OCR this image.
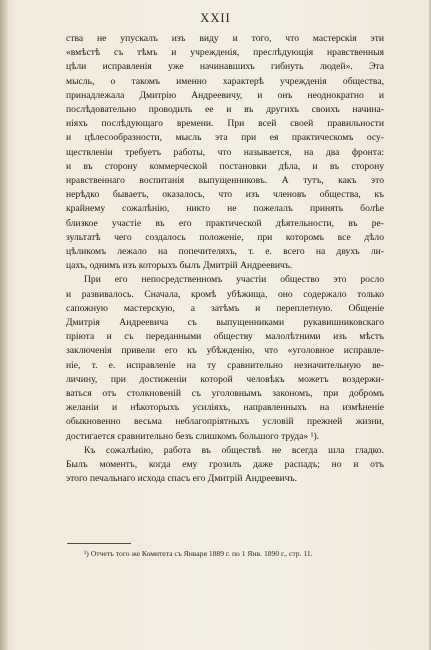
XXII
ства не упускалъ изъ виду и того, что мастерскія эти
«вмѣстѣ съ тѣмъ и учрежденія, преслѣдующія нравственныя
цѣли исправленія уже начинавшихъ гибнуть людей». Эта
мысль, о такомъ именно характерѣ учрежденія общества,
принадлежала Дмитрію Андреевичу, и онъ неоднократно и
послѣдовательно проводилъ ее и въ другихъ своихъ начина-
ніяхъ послѣдующаго времени. При всей своей правильности
и цѣлесообразности, мысль эта при ея практическомъ осу-
ществленіи требуетъ работы, что называется, на два фронта:
и въ сторону коммерческой постановки дѣла, и въ сторону
нравственнаго воспитанія выпущенниковъ. А тутъ, какъ это
нерѣдко бываетъ, оказалось, что изъ членовъ общества, къ
крайнему сожалѣнію, никто не пожелалъ принять болѣе
близкое участіе въ его практической дѣятельности, въ ре-
зультатѣ чего создалось положеніе, при которомъ все дѣло
цѣликомъ лежало на попечителяхъ, т. е. всего на двухъ ли-
цахъ, однимъ изъ которыхъ былъ Дмитрій Андреевичъ.
При его непосредственномъ участіи общество это росло
и развивалось. Сначала, кромѣ убѣжища, оно содержало только
сапожную мастерскую, а затѣмъ и переплетную. Общеніе
Дмитрія Андреевича съ выпущенниками рукавишниковскаго
пріюта и съ переданными обществу малолѣтними изъ мѣстъ
заключенія привели его къ убѣжденію, что «уголовное исправле-
ніе, т. е. исправленіе на ту сравнительно незначительную ве-
личину, при достиженіи которой человѣкъ можетъ воздержи-
ваться отъ столкновеній съ уголовнымъ закономъ, при добромъ
желаніи и нѣкоторыхъ усиліяхъ, направленныхъ на измѣненіе
обыкновенно весьма неблагопріятныхъ условій прежней жизни,
достигается сравнительно безъ слишкомъ большого труда» ¹).
Къ сожалѣнію, работа въ обществѣ не всегда шла гладко.
Былъ моментъ, когда ему грозилъ даже распадъ; но и отъ
этого печальнаго исхода спасъ его Дмитрій Андреевичъ.
¹) Отчетъ того же Комитета съ Января 1889 г. по 1 Янв. 1890 г., стр. 11.
